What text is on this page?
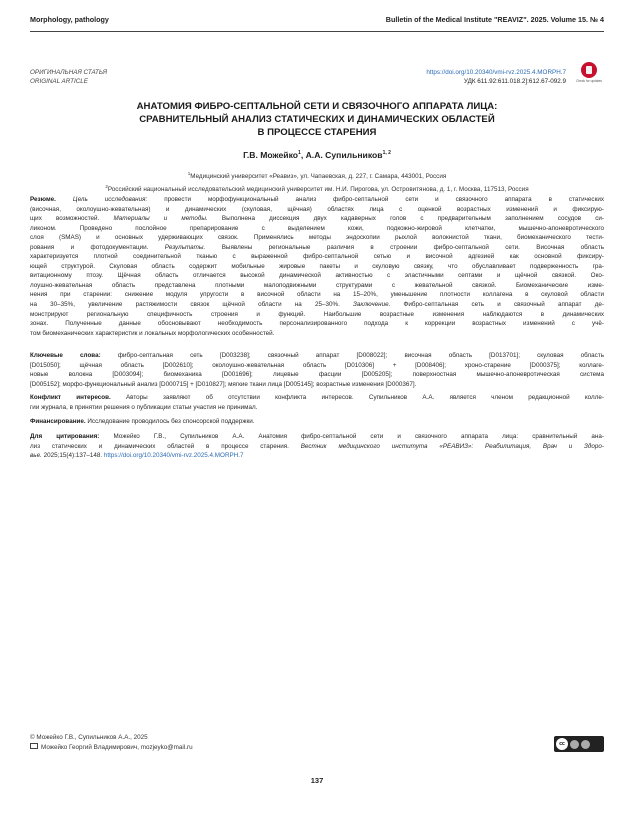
Morphology, pathology	Bulletin of the Medical Institute "REAVIZ". 2025. Volume 15. № 4
ОРИГИНАЛЬНАЯ СТАТЬЯ
ORIGINAL ARTICLE
https://doi.org/10.20340/vmi-rvz.2025.4.MORPH.7
УДК 611.92:611.018.2]:612.67-092.9	Check for updates
АНАТОМИЯ ФИБРО-СЕПТАЛЬНОЙ СЕТИ И СВЯЗОЧНОГО АППАРАТА ЛИЦА:
СРАВНИТЕЛЬНЫЙ АНАЛИЗ СТАТИЧЕСКИХ И ДИНАМИЧЕСКИХ ОБЛАСТЕЙ
В ПРОЦЕССЕ СТАРЕНИЯ
Г.В. Можейко$^1$, А.А. Супильников$^{1, 2}$
$^1$Медицинский университет «Реавиз», ул. Чапаевская, д. 227, г. Самара, 443001, Россия
$^2$Российский национальный исследовательский медицинский университет им. Н.И. Пирогова, ул. Островитянова, д. 1, г. Москва, 117513, Россия
Резюме.	Цель исследования: провести морфофункциональный анализ фибро-септальной сети и связочного аппарата в статических
(височная, околоушно-жевательная) и динамических (скуловая, щёчная) областях лица с оценкой возрастных изменений и фиксирую-
щих возможностей. Материалы и методы. Выполнена диссекция двух кадаверных голов с предварительным заполнением сосудов си-
ликоном. Проведено послойное препарирование с выделением кожи, подкожно-жировой клетчатки, мышечно-апоневротического
слоя (SMAS) и основных удерживающих связок. Применялись методы эндоскопии рыхлой волокнистой ткани, биомеханического тести-
рования и фотодокументации. Результаты. Выявлены региональные различия в строении фибро-септальной сети. Височная область
характеризуется плотной соединительной тканью с выраженной фибро-септальной сетью и височной адгезией как основной фиксиру-
ющей структурой. Скуловая область содержит мобильные жировые пакеты и скуловую связку, что обуславливает подверженность гра-
витационному птозу. Щёчная область отличается высокой динамической активностью с эластичными септами и щёчной связкой. Око-
лоушно-жевательная область представлена плотными малоподвижными структурами с жевательной связкой. Биомеханические изме-
нения при старении: снижение модуля упругости в височной области на 15–20%, уменьшение плотности коллагена в скуловой области
на 30–35%, увеличение растяжимости связок щёчной области на 25–30%. Заключение. Фибро-септальная сеть и связочный аппарат де-
монстрируют региональную специфичность строения и функций. Наибольшие возрастные изменения наблюдаются в динамических
зонах. Полученные данные обосновывают необходимость персонализированного подхода к коррекции возрастных изменений с учё-
том биомеханических характеристик и локальных морфологических особенностей.
Ключевые слова: фибро-септальная сеть [D003238]; связочный аппарат [D008022]; височная область [D013701]; скуловая область
[D015050]; щёчная область [D002610]; околоушно-жевательная область [D010306] + [D008406]; хроно-старение [D000375]; коллаге-
новые волокна [D003094]; биомеханика [D001696]; лицевые фасции [D005205]; поверхностная мышечно-апоневротическая система
[D005152]; морфо-функциональный анализ [D000715] + [D010827]; мягкие ткани лица [D005145]; возрастные изменения [D000367].
Конфликт интересов. Авторы заявляют об отсутствии конфликта интересов. Супильников А.А. является членом редакционной колле-
гии журнала, в принятии решения о публикации статьи участия не принимал.
Финансирование. Исследование проводилось без спонсорской поддержки.
Для цитирования: Можейко Г.В., Супильников А.А. Анатомия фибро-септальной сети и связочного аппарата лица: сравнительный ана-
лиз статических и динамических областей в процессе старения. Вестник медицинского института «РЕАВИЗ»: Реабилитация, Врач и Здоро-
вье. 2025;15(4):137–148. https://doi.org/10.20340/vmi-rvz.2025.4.MORPH.7
© Можейко Г.В., Супильников А.А., 2025
Можейко Георгий Владимирович, mozjeyko@mail.ru	cc
137
